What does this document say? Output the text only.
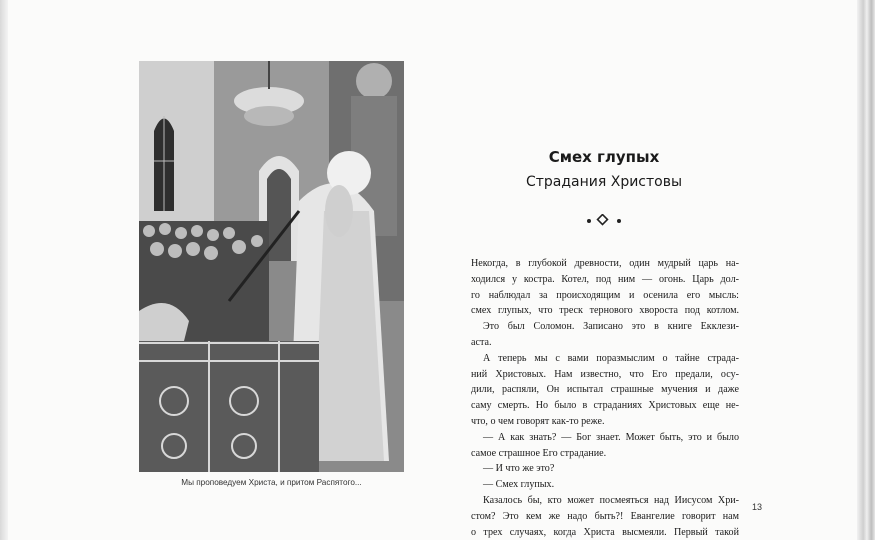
Мы проповедуем Христа, и притом Распятого...
Смех глупых
Страдания Христовы
Некогда, в глубокой древности, один мудрый царь на-
ходился у костра. Котел, под ним — огонь. Царь дол-
го наблюдал за происходящим и осенила его мысль:
смех глупых, что треск тернового хвороста под котлом.
Это был Соломон. Записано это в книге Екклези-
аста.
А теперь мы с вами поразмыслим о тайне страда-
ний Христовых. Нам известно, что Его предали, осу-
дили, распяли, Он испытал страшные мучения и даже
саму смерть. Но было в страданиях Христовых еще не-
что, о чем говорят как-то реже.
— А как знать? — Бог знает. Может быть, это и было
самое страшное Его страдание.
— И что же это?
— Смех глупых.
Казалось бы, кто может посмеяться над Иисусом Хри-
стом? Это кем же надо быть?! Евангелие говорит нам
о трех случаях, когда Христа высмеяли. Первый такой
13
